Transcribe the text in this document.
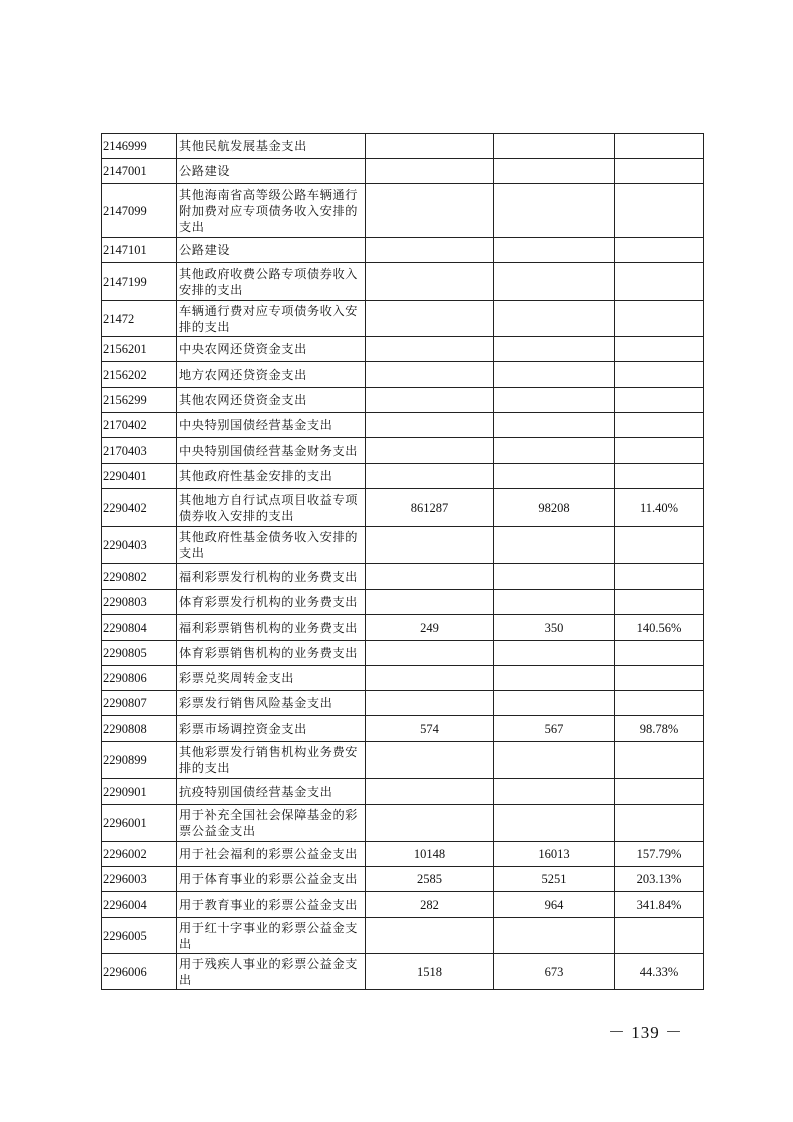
2146999	其他民航发展基金支出			
2147001	公路建设			
2147099	其他海南省高等级公路车辆通行附加费对应专项债务收入安排的支出			
2147101	公路建设			
2147199	其他政府收费公路专项债券收入安排的支出			
21472	车辆通行费对应专项债务收入安排的支出			
2156201	中央农网还贷资金支出			
2156202	地方农网还贷资金支出			
2156299	其他农网还贷资金支出			
2170402	中央特别国债经营基金支出			
2170403	中央特别国债经营基金财务支出			
2290401	其他政府性基金安排的支出			
2290402	其他地方自行试点项目收益专项债券收入安排的支出	861287	98208	11.40%
2290403	其他政府性基金债务收入安排的支出			
2290802	福利彩票发行机构的业务费支出			
2290803	体育彩票发行机构的业务费支出			
2290804	福利彩票销售机构的业务费支出	249	350	140.56%
2290805	体育彩票销售机构的业务费支出			
2290806	彩票兑奖周转金支出			
2290807	彩票发行销售风险基金支出			
2290808	彩票市场调控资金支出	574	567	98.78%
2290899	其他彩票发行销售机构业务费安排的支出			
2290901	抗疫特别国债经营基金支出			
2296001	用于补充全国社会保障基金的彩票公益金支出			
2296002	用于社会福利的彩票公益金支出	10148	16013	157.79%
2296003	用于体育事业的彩票公益金支出	2585	5251	203.13%
2296004	用于教育事业的彩票公益金支出	282	964	341.84%
2296005	用于红十字事业的彩票公益金支出			
2296006	用于残疾人事业的彩票公益金支出	1518	673	44.33%
－ 139 －
